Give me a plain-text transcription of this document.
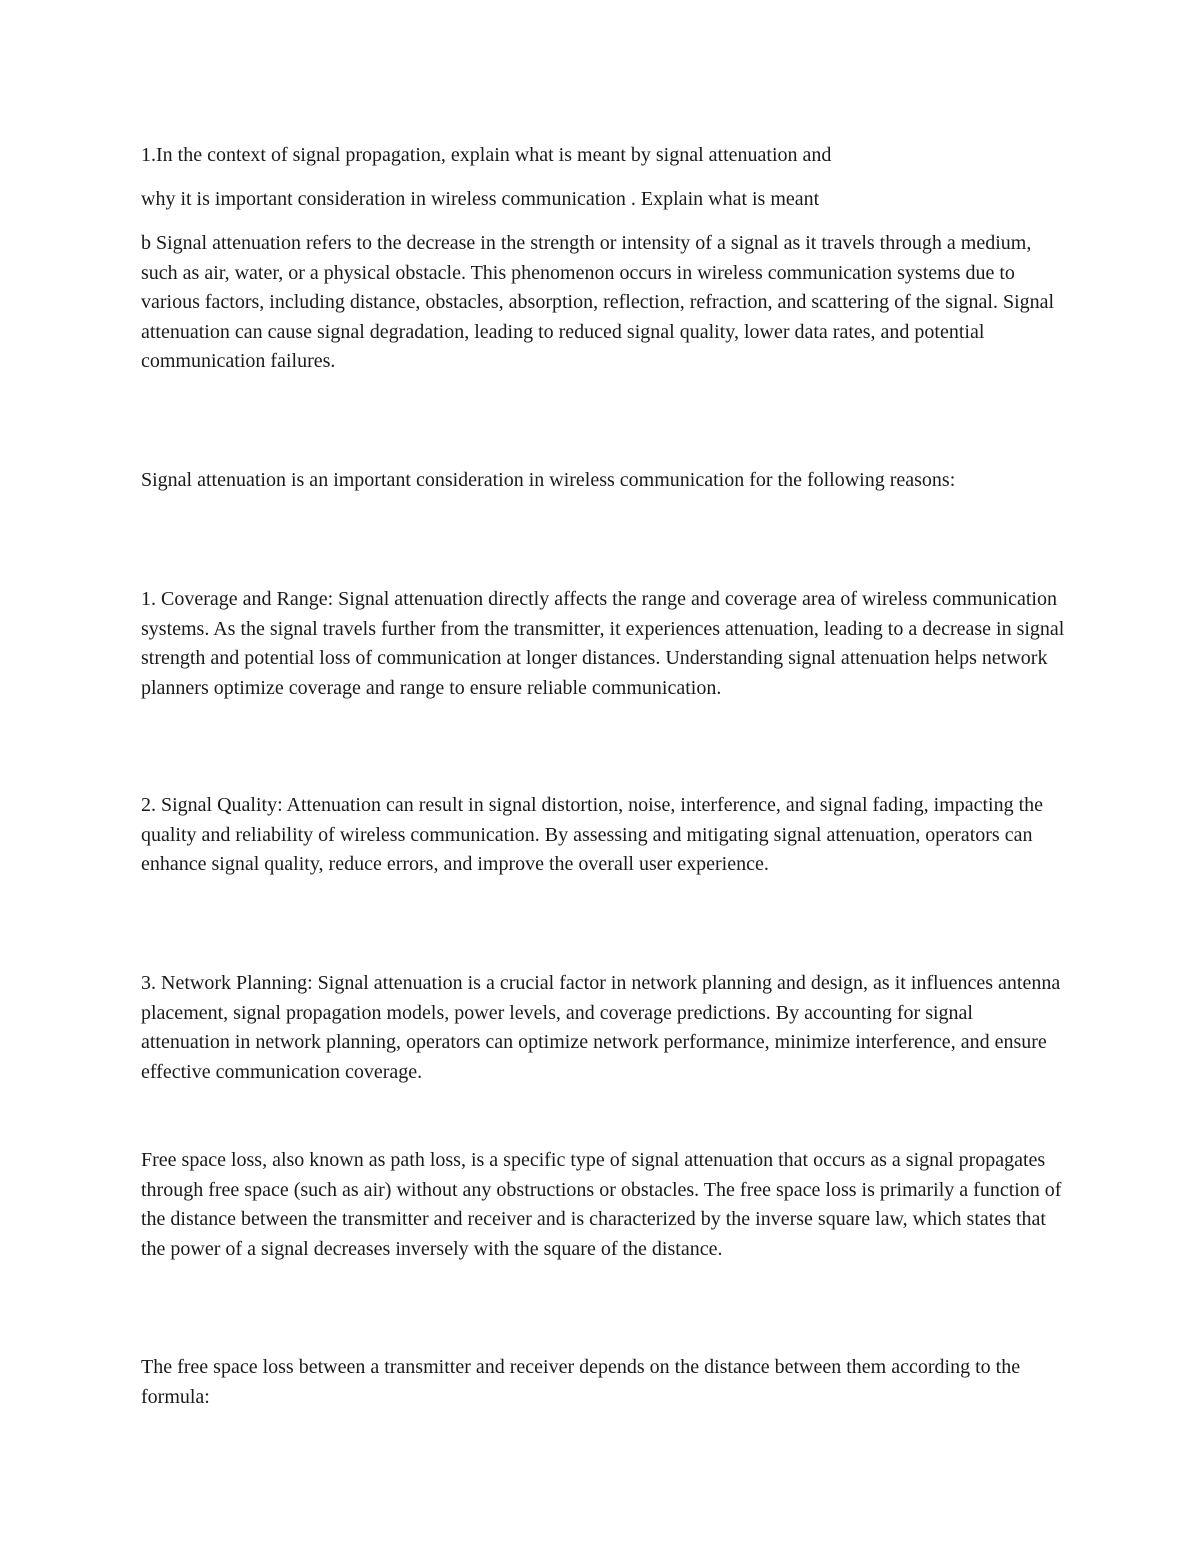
1.In the context of signal propagation, explain what is meant by signal attenuation and

why it is important consideration in wireless communication . Explain what is meant

b Signal attenuation refers to the decrease in the strength or intensity of a signal as it travels through a medium, such as air, water, or a physical obstacle. This phenomenon occurs in wireless communication systems due to various factors, including distance, obstacles, absorption, reflection, refraction, and scattering of the signal. Signal attenuation can cause signal degradation, leading to reduced signal quality, lower data rates, and potential communication failures.

Signal attenuation is an important consideration in wireless communication for the following reasons:

1. Coverage and Range: Signal attenuation directly affects the range and coverage area of wireless communication systems. As the signal travels further from the transmitter, it experiences attenuation, leading to a decrease in signal strength and potential loss of communication at longer distances. Understanding signal attenuation helps network planners optimize coverage and range to ensure reliable communication.

2. Signal Quality: Attenuation can result in signal distortion, noise, interference, and signal fading, impacting the quality and reliability of wireless communication. By assessing and mitigating signal attenuation, operators can enhance signal quality, reduce errors, and improve the overall user experience.

3. Network Planning: Signal attenuation is a crucial factor in network planning and design, as it influences antenna placement, signal propagation models, power levels, and coverage predictions. By accounting for signal attenuation in network planning, operators can optimize network performance, minimize interference, and ensure effective communication coverage.

Free space loss, also known as path loss, is a specific type of signal attenuation that occurs as a signal propagates through free space (such as air) without any obstructions or obstacles. The free space loss is primarily a function of the distance between the transmitter and receiver and is characterized by the inverse square law, which states that the power of a signal decreases inversely with the square of the distance.

The free space loss between a transmitter and receiver depends on the distance between them according to the formula:
